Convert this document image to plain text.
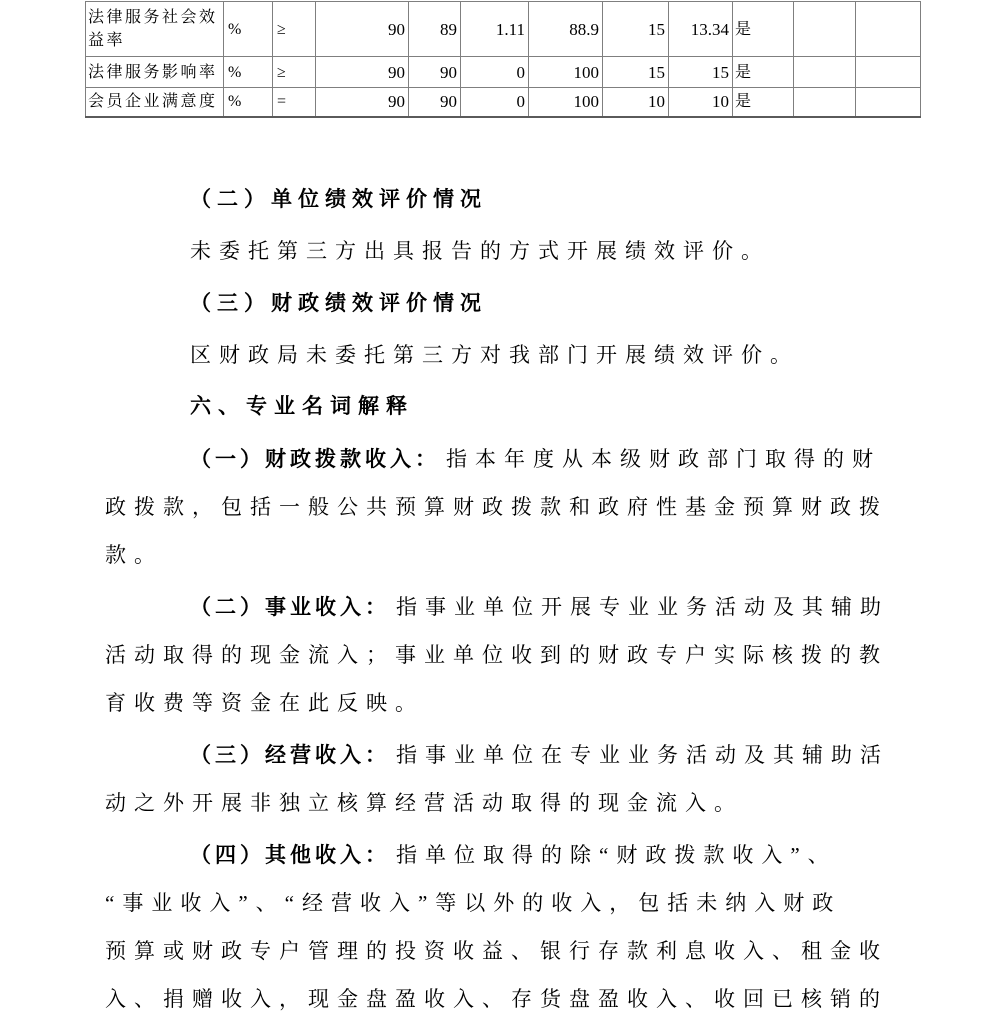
法律服务社会效益率	%	≥	90	89	1.11	88.9	15	13.34	是		
法律服务影响率	%	≥	90	90	0	100	15	15	是		
会员企业满意度	%	=	90	90	0	100	10	10	是		
（二）单位绩效评价情况
未委托第三方出具报告的方式开展绩效评价。
（三）财政绩效评价情况
区财政局未委托第三方对我部门开展绩效评价。
六、专业名词解释
（一）财政拨款收入： 指本年度从本级财政部门取得的财
政拨款，包括一般公共预算财政拨款和政府性基金预算财政拨
款。
（二）事业收入： 指事业单位开展专业业务活动及其辅助
活动取得的现金流入；事业单位收到的财政专户实际核拨的教
育收费等资金在此反映。
（三）经营收入： 指事业单位在专业业务活动及其辅助活
动之外开展非独立核算经营活动取得的现金流入。
（四）其他收入： 指单位取得的除“财政拨款收入”、
“事业收入”、“经营收入”等以外的收入，包括未纳入财政
预算或财政专户管理的投资收益、银行存款利息收入、租金收
入、捐赠收入，现金盘盈收入、存货盘盈收入、收回已核销的
